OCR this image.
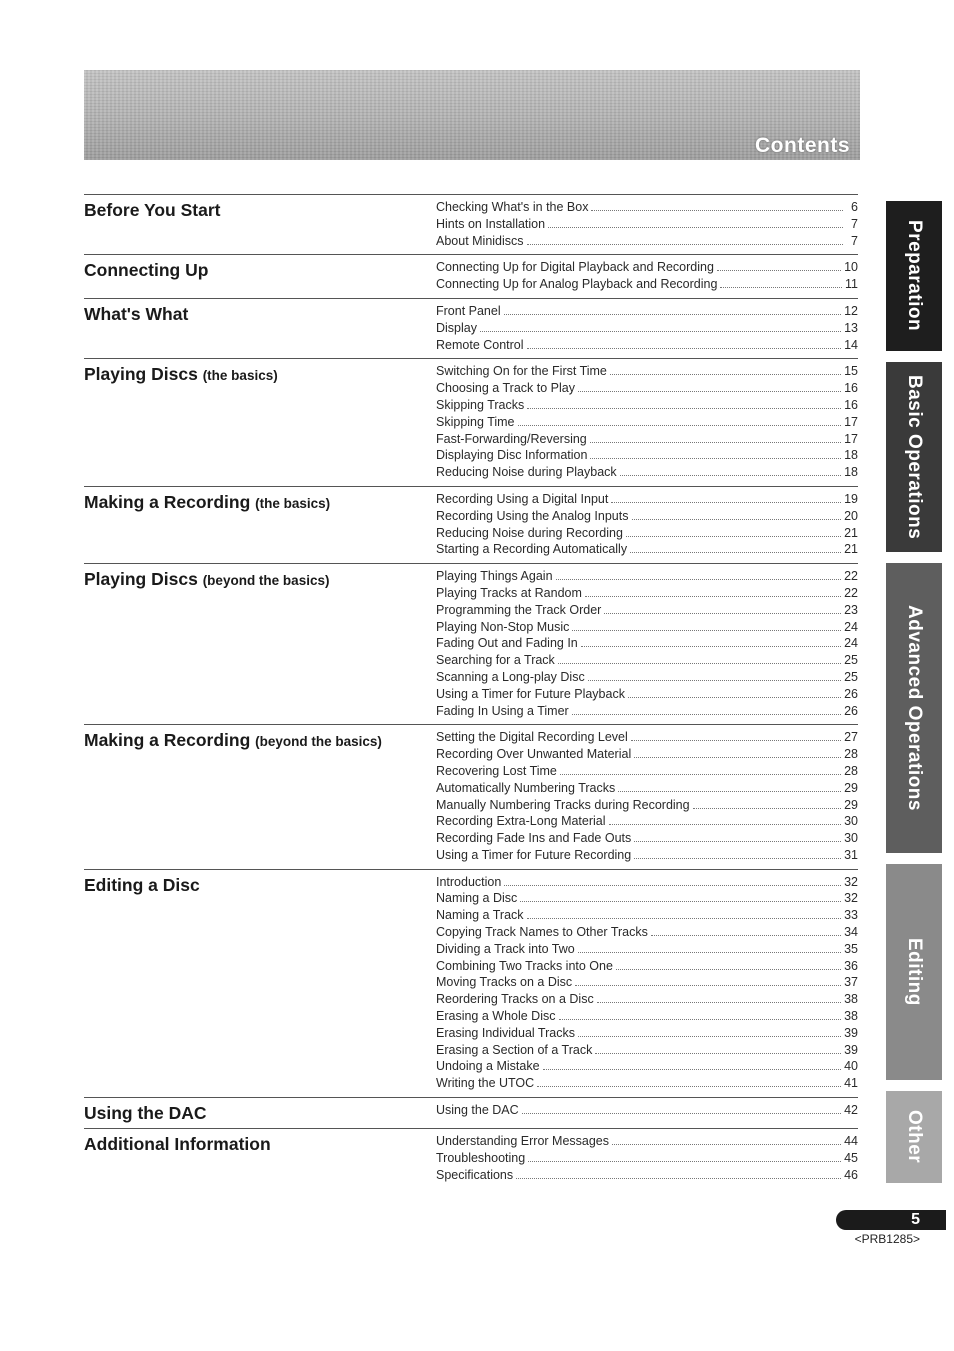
Contents
Before You Start	Checking What's in the Box	6
Hints on Installation	7
About Minidiscs	7
Connecting Up	Connecting Up for Digital Playback and Recording	10
Connecting Up for Analog Playback and Recording	11
What's What	Front Panel	12
Display	13
Remote Control	14
Playing Discs (the basics)	Switching On for the First Time	15
Choosing a Track to Play	16
Skipping Tracks	16
Skipping Time	17
Fast-Forwarding/Reversing	17
Displaying Disc Information	18
Reducing Noise during Playback	18
Making a Recording (the basics)	Recording Using a Digital Input	19
Recording Using the Analog Inputs	20
Reducing Noise during Recording	21
Starting a Recording Automatically	21
Playing Discs (beyond the basics)	Playing Things Again	22
Playing Tracks at Random	22
Programming the Track Order	23
Playing Non-Stop Music	24
Fading Out and Fading In	24
Searching for a Track	25
Scanning a Long-play Disc	25
Using a Timer for Future Playback	26
Fading In Using a Timer	26
Making a Recording (beyond the basics)	Setting the Digital Recording Level	27
Recording Over Unwanted Material	28
Recovering Lost Time	28
Automatically Numbering Tracks	29
Manually Numbering Tracks during Recording	29
Recording Extra-Long Material	30
Recording Fade Ins and Fade Outs	30
Using a Timer for Future Recording	31
Editing a Disc	Introduction	32
Naming a Disc	32
Naming a Track	33
Copying Track Names to Other Tracks	34
Dividing a Track into Two	35
Combining Two Tracks into One	36
Moving Tracks on a Disc	37
Reordering Tracks on a Disc	38
Erasing a Whole Disc	38
Erasing Individual Tracks	39
Erasing a Section of a Track	39
Undoing a Mistake	40
Writing the UTOC	41
Using the DAC	Using the DAC	42
Additional Information	Understanding Error Messages	44
Troubleshooting	45
Specifications	46
Preparation
Basic Operations
Advanced Operations
Editing
Other
5
<PRB1285>
